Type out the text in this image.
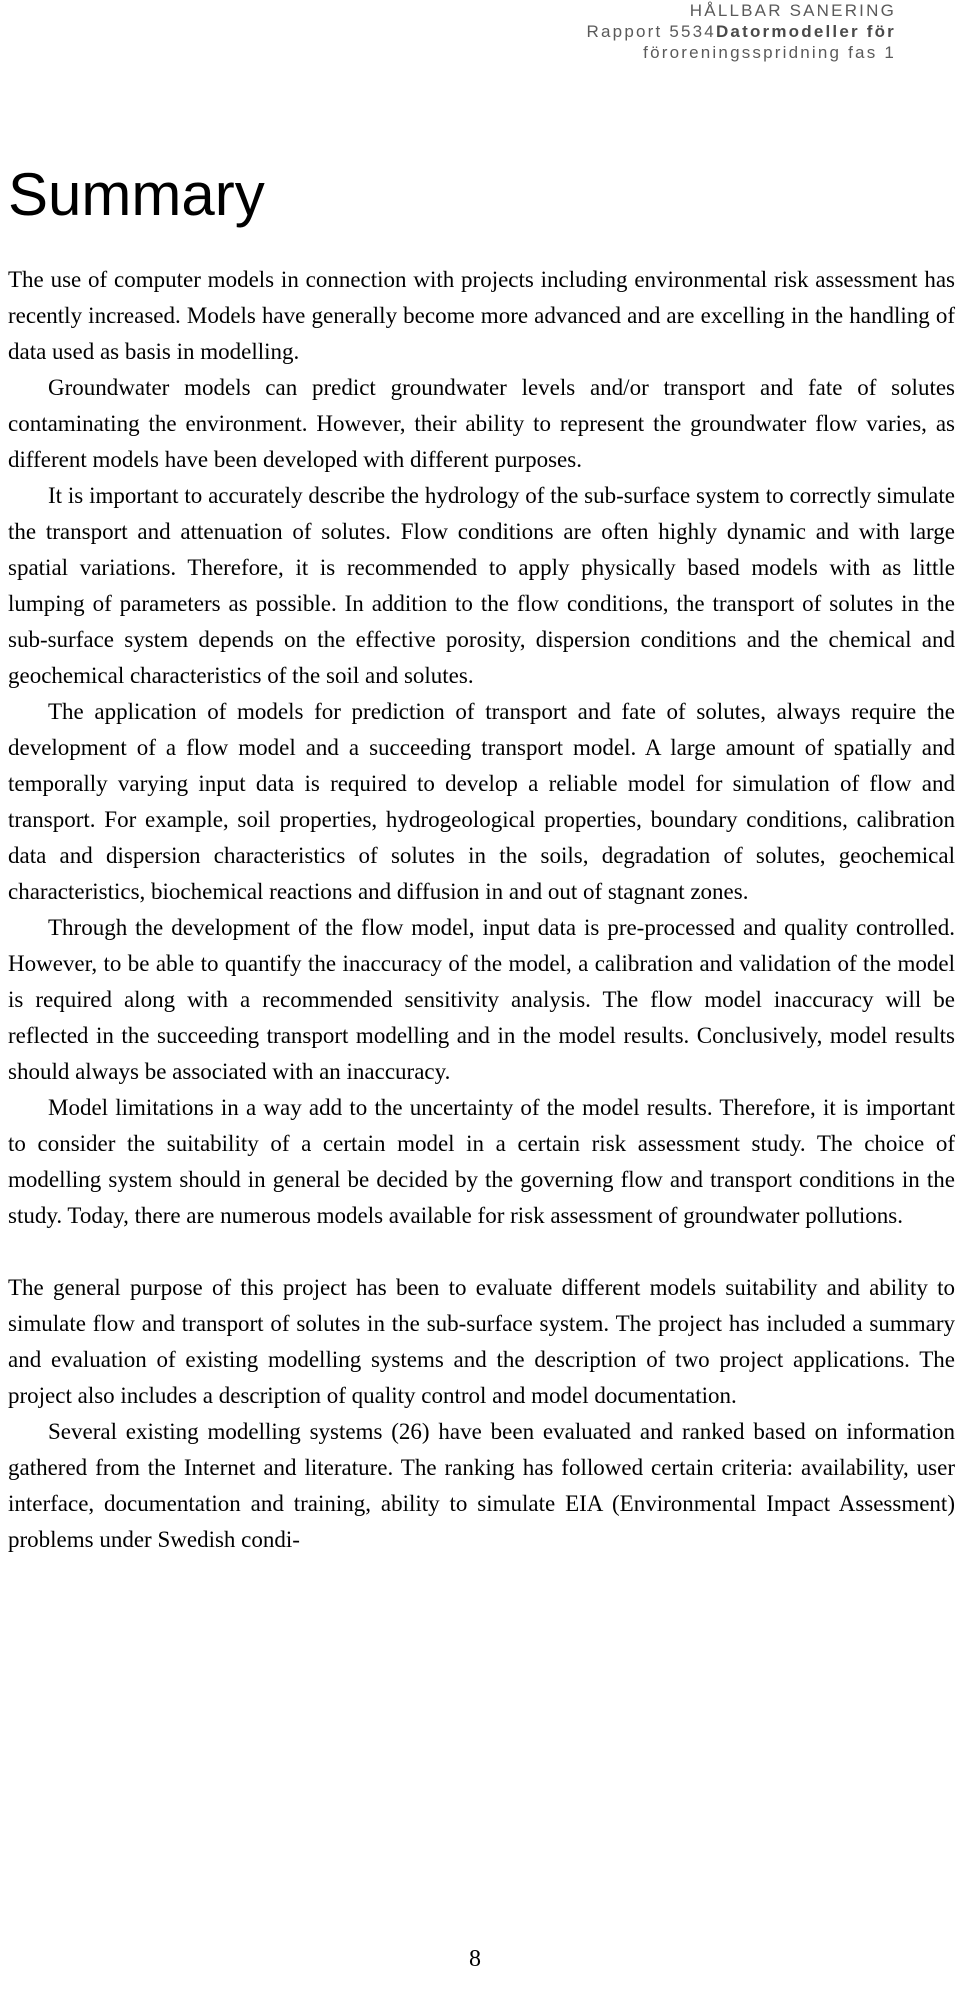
HÅLLBAR SANERING
Rapport 5534Datormodeller för
föroreningsspridning fas 1
Summary

The use of computer models in connection with projects including environmental risk assessment has recently increased. Models have generally become more advanced and are excelling in the handling of data used as basis in modelling.

Groundwater models can predict groundwater levels and/or transport and fate of solutes contaminating the environment. However, their ability to represent the groundwater flow varies, as different models have been developed with different purposes.

It is important to accurately describe the hydrology of the sub-surface system to correctly simulate the transport and attenuation of solutes. Flow conditions are often highly dynamic and with large spatial variations. Therefore, it is recommended to apply physically based models with as little lumping of parameters as possible. In addition to the flow conditions, the transport of solutes in the sub-surface system depends on the effective porosity, dispersion conditions and the chemical and geochemical characteristics of the soil and solutes.

The application of models for prediction of transport and fate of solutes, always require the development of a flow model and a succeeding transport model. A large amount of spatially and temporally varying input data is required to develop a reliable model for simulation of flow and transport. For example, soil properties, hydrogeological properties, boundary conditions, calibration data and dispersion characteristics of solutes in the soils, degradation of solutes, geochemical characteristics, biochemical reactions and diffusion in and out of stagnant zones.

Through the development of the flow model, input data is pre-processed and quality controlled. However, to be able to quantify the inaccuracy of the model, a calibration and validation of the model is required along with a recommended sensitivity analysis. The flow model inaccuracy will be reflected in the succeeding transport modelling and in the model results. Conclusively, model results should always be associated with an inaccuracy.

Model limitations in a way add to the uncertainty of the model results. Therefore, it is important to consider the suitability of a certain model in a certain risk assessment study. The choice of modelling system should in general be decided by the governing flow and transport conditions in the study. Today, there are numerous models available for risk assessment of groundwater pollutions.

The general purpose of this project has been to evaluate different models suitability and ability to simulate flow and transport of solutes in the sub-surface system. The project has included a summary and evaluation of existing modelling systems and the description of two project applications. The project also includes a description of quality control and model documentation.

Several existing modelling systems (26) have been evaluated and ranked based on information gathered from the Internet and literature. The ranking has followed certain criteria: availability, user interface, documentation and training, ability to simulate EIA (Environmental Impact Assessment) problems under Swedish condi-

8
